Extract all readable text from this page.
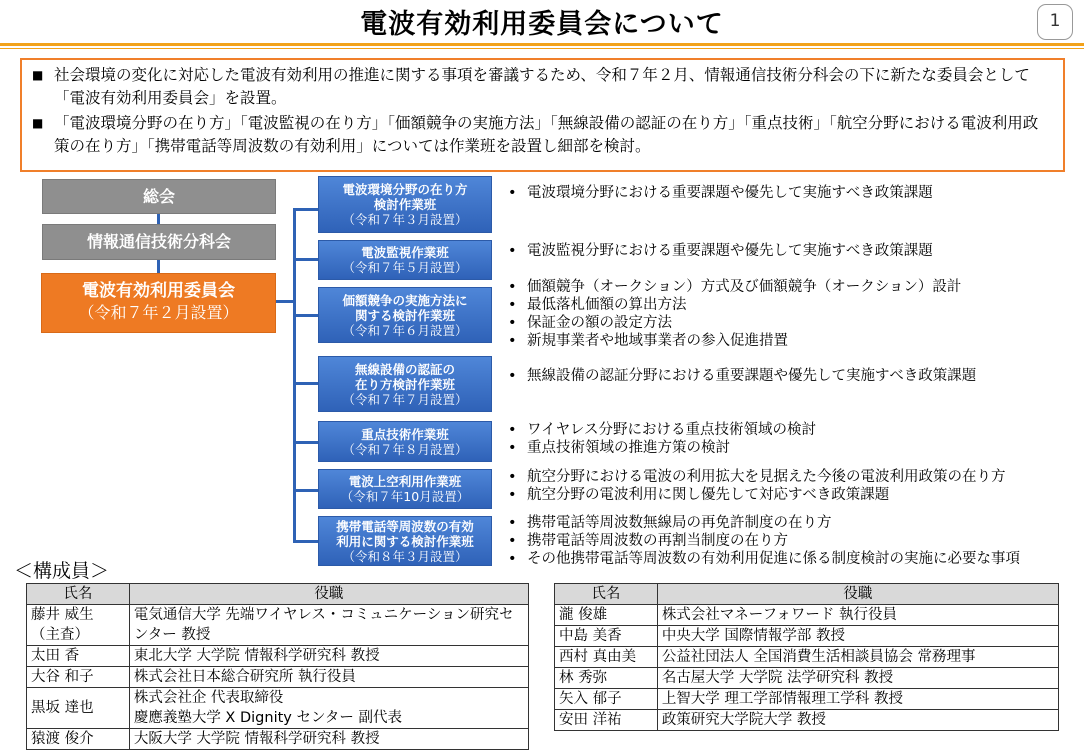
電波有効利用委員会について	1
■ 社会環境の変化に対応した電波有効利用の推進に関する事項を審議するため、令和７年２月、情報通信技術分科会の下に新たな委員会として「電波有効利用委員会」を設置。
■ 「電波環境分野の在り方」「電波監視の在り方」「価額競争の実施方法」「無線設備の認証の在り方」「重点技術」「航空分野における電波利用政策の在り方」「携帯電話等周波数の有効利用」については作業班を設置し細部を検討。
総会
情報通信技術分科会
電波有効利用委員会
（令和７年２月設置）
電波環境分野の在り方
検討作業班
（令和７年３月設置）
電波監視作業班
（令和７年５月設置）
価額競争の実施方法に
関する検討作業班
（令和７年６月設置）
無線設備の認証の
在り方検討作業班
（令和７年７月設置）
重点技術作業班
（令和７年８月設置）
電波上空利用作業班
（令和７年10月設置）
携帯電話等周波数の有効
利用に関する検討作業班
（令和８年３月設置）
• 電波環境分野における重要課題や優先して実施すべき政策課題
• 電波監視分野における重要課題や優先して実施すべき政策課題
• 価額競争（オークション）方式及び価額競争（オークション）設計
• 最低落札価額の算出方法
• 保証金の額の設定方法
• 新規事業者や地域事業者の参入促進措置
• 無線設備の認証分野における重要課題や優先して実施すべき政策課題
• ワイヤレス分野における重点技術領域の検討
• 重点技術領域の推進方策の検討
• 航空分野における電波の利用拡大を見据えた今後の電波利用政策の在り方
• 航空分野の電波利用に関し優先して対応すべき政策課題
• 携帯電話等周波数無線局の再免許制度の在り方
• 携帯電話等周波数の再割当制度の在り方
• その他携帯電話等周波数の有効利用促進に係る制度検討の実施に必要な事項
＜構成員＞
氏名	役職
藤井 威生
（主査）	電気通信大学 先端ワイヤレス・コミュニケーション研究センター 教授
太田 香	東北大学 大学院 情報科学研究科 教授
大谷 和子	株式会社日本総合研究所 執行役員
黒坂 達也	株式会社企 代表取締役
慶應義塾大学 X Dignity センター 副代表
猿渡 俊介	大阪大学 大学院 情報科学研究科 教授
氏名	役職
瀧 俊雄	株式会社マネーフォワード 執行役員
中島 美香	中央大学 国際情報学部 教授
西村 真由美	公益社団法人 全国消費生活相談員協会 常務理事
林 秀弥	名古屋大学 大学院 法学研究科 教授
矢入 郁子	上智大学 理工学部情報理工学科 教授
安田 洋祐	政策研究大学院大学 教授
